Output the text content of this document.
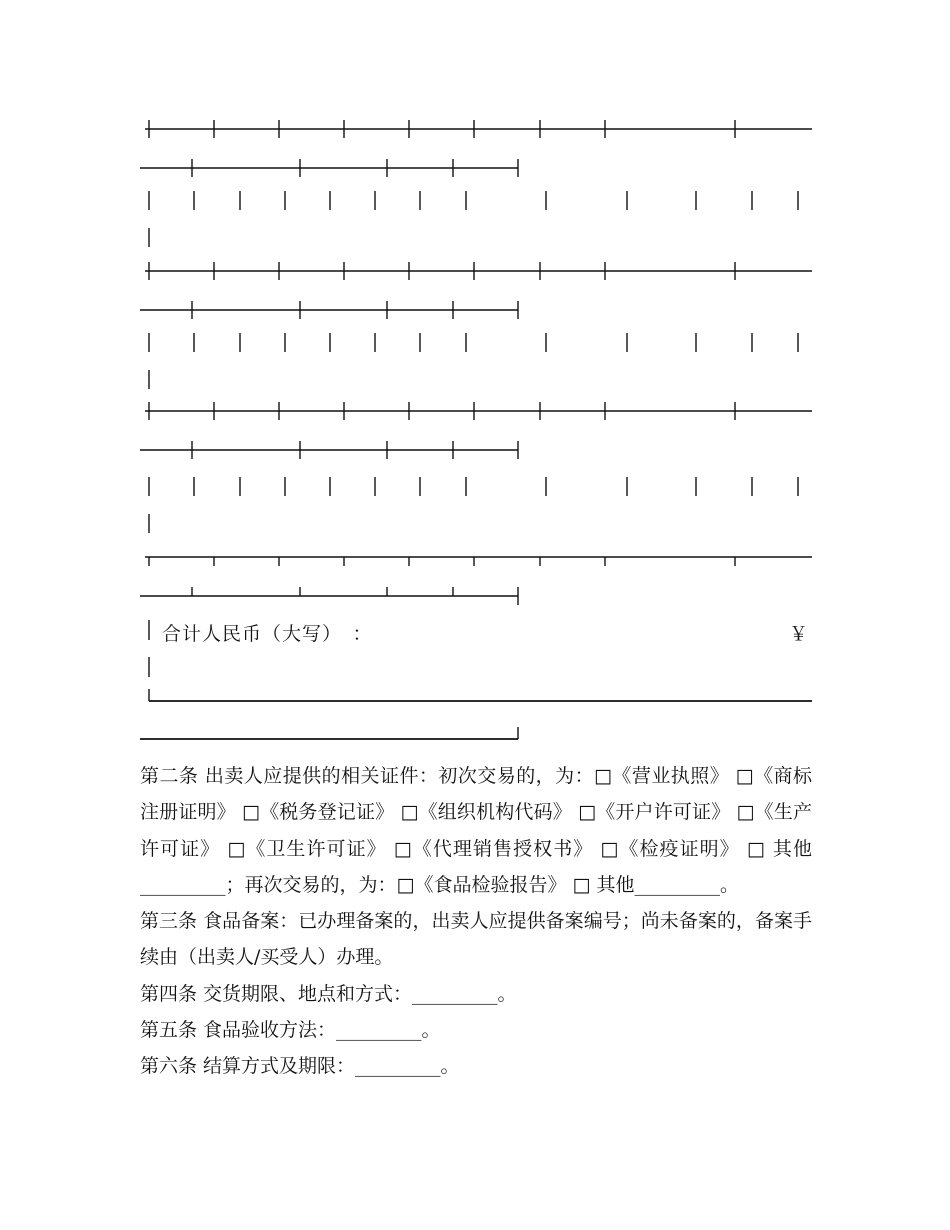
合计人民币（大写）　：	￥

第二条 出卖人应提供的相关证件：初次交易的，为：□《营业执照》 □《商标注册证明》 □《税务登记证》 □《组织机构代码》 □《开户许可证》 □《生产许可证》 □《卫生许可证》 □《代理销售授权书》 □《检疫证明》 □ 其他_________；再次交易的，为：□《食品检验报告》 □ 其他_________。

第三条 食品备案：已办理备案的，出卖人应提供备案编号；尚未备案的，备案手续由（出卖人/买受人）办理。

第四条 交货期限、地点和方式：_________。

第五条 食品验收方法：_________。

第六条 结算方式及期限：_________。
